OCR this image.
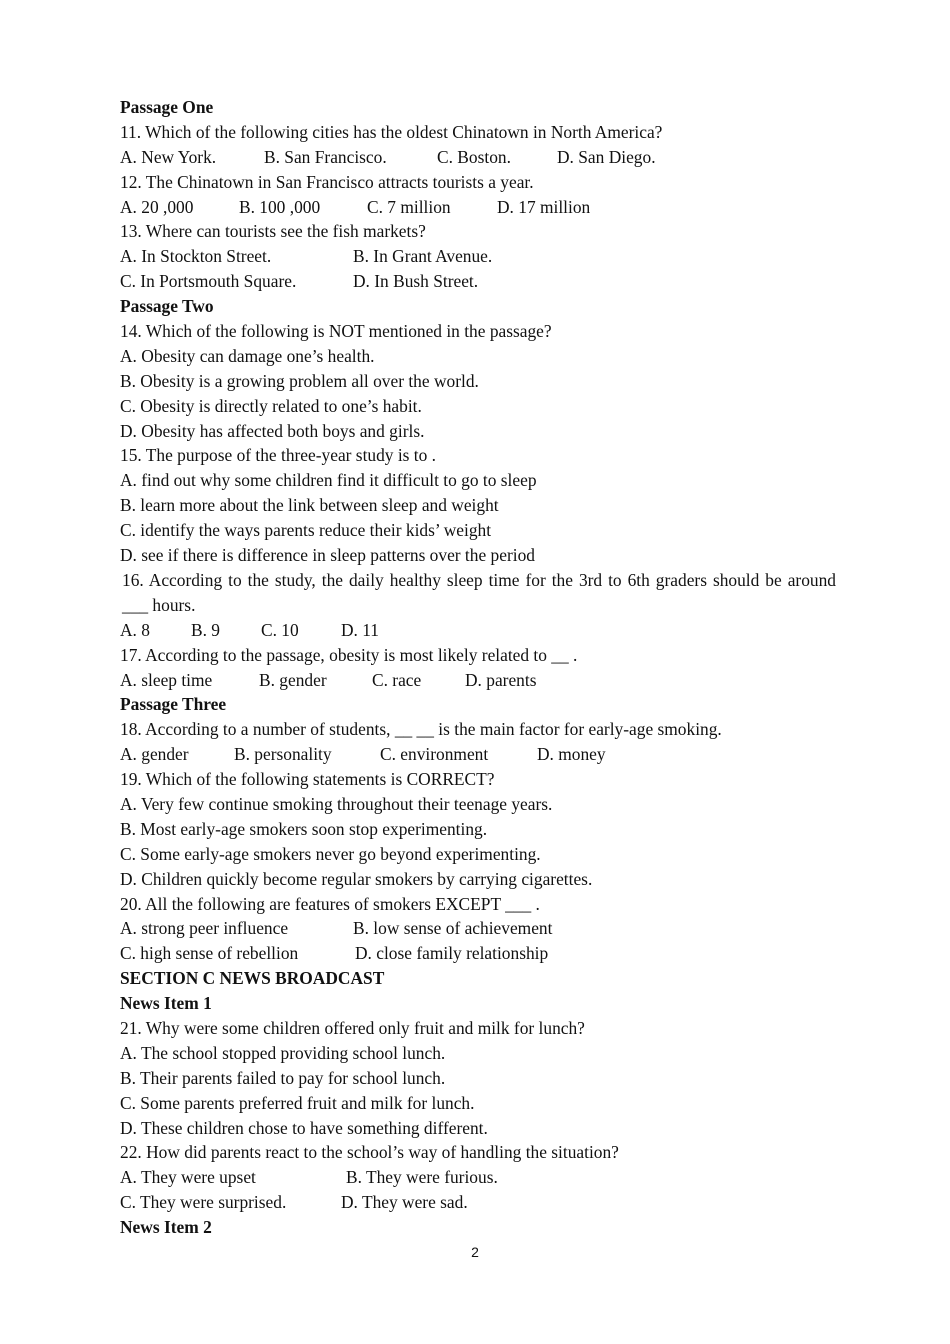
Passage One
11. Which of the following cities has the oldest Chinatown in North America?
A. New York.	B. San Francisco.	C. Boston.	D. San Diego.
12. The Chinatown in San Francisco attracts tourists a year.
A. 20 ,000	B. 100 ,000	C. 7 million	D. 17 million
13. Where can tourists see the fish markets?
A. In Stockton Street.	B. In Grant Avenue.
C. In Portsmouth Square.	D. In Bush Street.
Passage Two
14. Which of the following is NOT mentioned in the passage?
A. Obesity can damage one’s health.
B. Obesity is a growing problem all over the world.
C. Obesity is directly related to one’s habit.
D. Obesity has affected both boys and girls.
15. The purpose of the three-year study is to .
A. find out why some children find it difficult to go to sleep
B. learn more about the link between sleep and weight
C. identify the ways parents reduce their kids’ weight
D. see if there is difference in sleep patterns over the period
16. According to the study, the daily healthy sleep time for the 3rd to 6th graders should be around ___ hours.
A. 8 B. 9 C. 10 D. 11
17. According to the passage, obesity is most likely related to __ .
A. sleep time	B. gender	C. race	D. parents
Passage Three
18. According to a number of students, __ __ is the main factor for early-age smoking.
A. gender	B. personality	C. environment	D. money
19. Which of the following statements is CORRECT?
A. Very few continue smoking throughout their teenage years.
B. Most early-age smokers soon stop experimenting.
C. Some early-age smokers never go beyond experimenting.
D. Children quickly become regular smokers by carrying cigarettes.
20. All the following are features of smokers EXCEPT ___ .
A. strong peer influence	B. low sense of achievement
C. high sense of rebellion	D. close family relationship
SECTION C NEWS BROADCAST
News Item 1
21. Why were some children offered only fruit and milk for lunch?
A. The school stopped providing school lunch.
B. Their parents failed to pay for school lunch.
C. Some parents preferred fruit and milk for lunch.
D. These children chose to have something different.
22. How did parents react to the school’s way of handling the situation?
A. They were upset	B. They were furious.
C. They were surprised.	D. They were sad.
News Item 2
2
